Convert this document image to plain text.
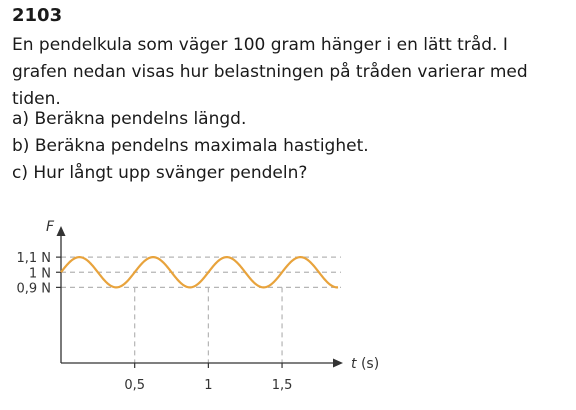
2103
En pendelkula som väger 100 gram hänger i en lätt tråd. I grafen nedan visas hur belastningen på tråden varierar med tiden.
a) Beräkna pendelns längd.
b) Beräkna pendelns maximala hastighet.
c) Hur långt upp svänger pendeln?
1,1 N
1 N
0,9 N
0,5	1	1,5
F
t (s)
